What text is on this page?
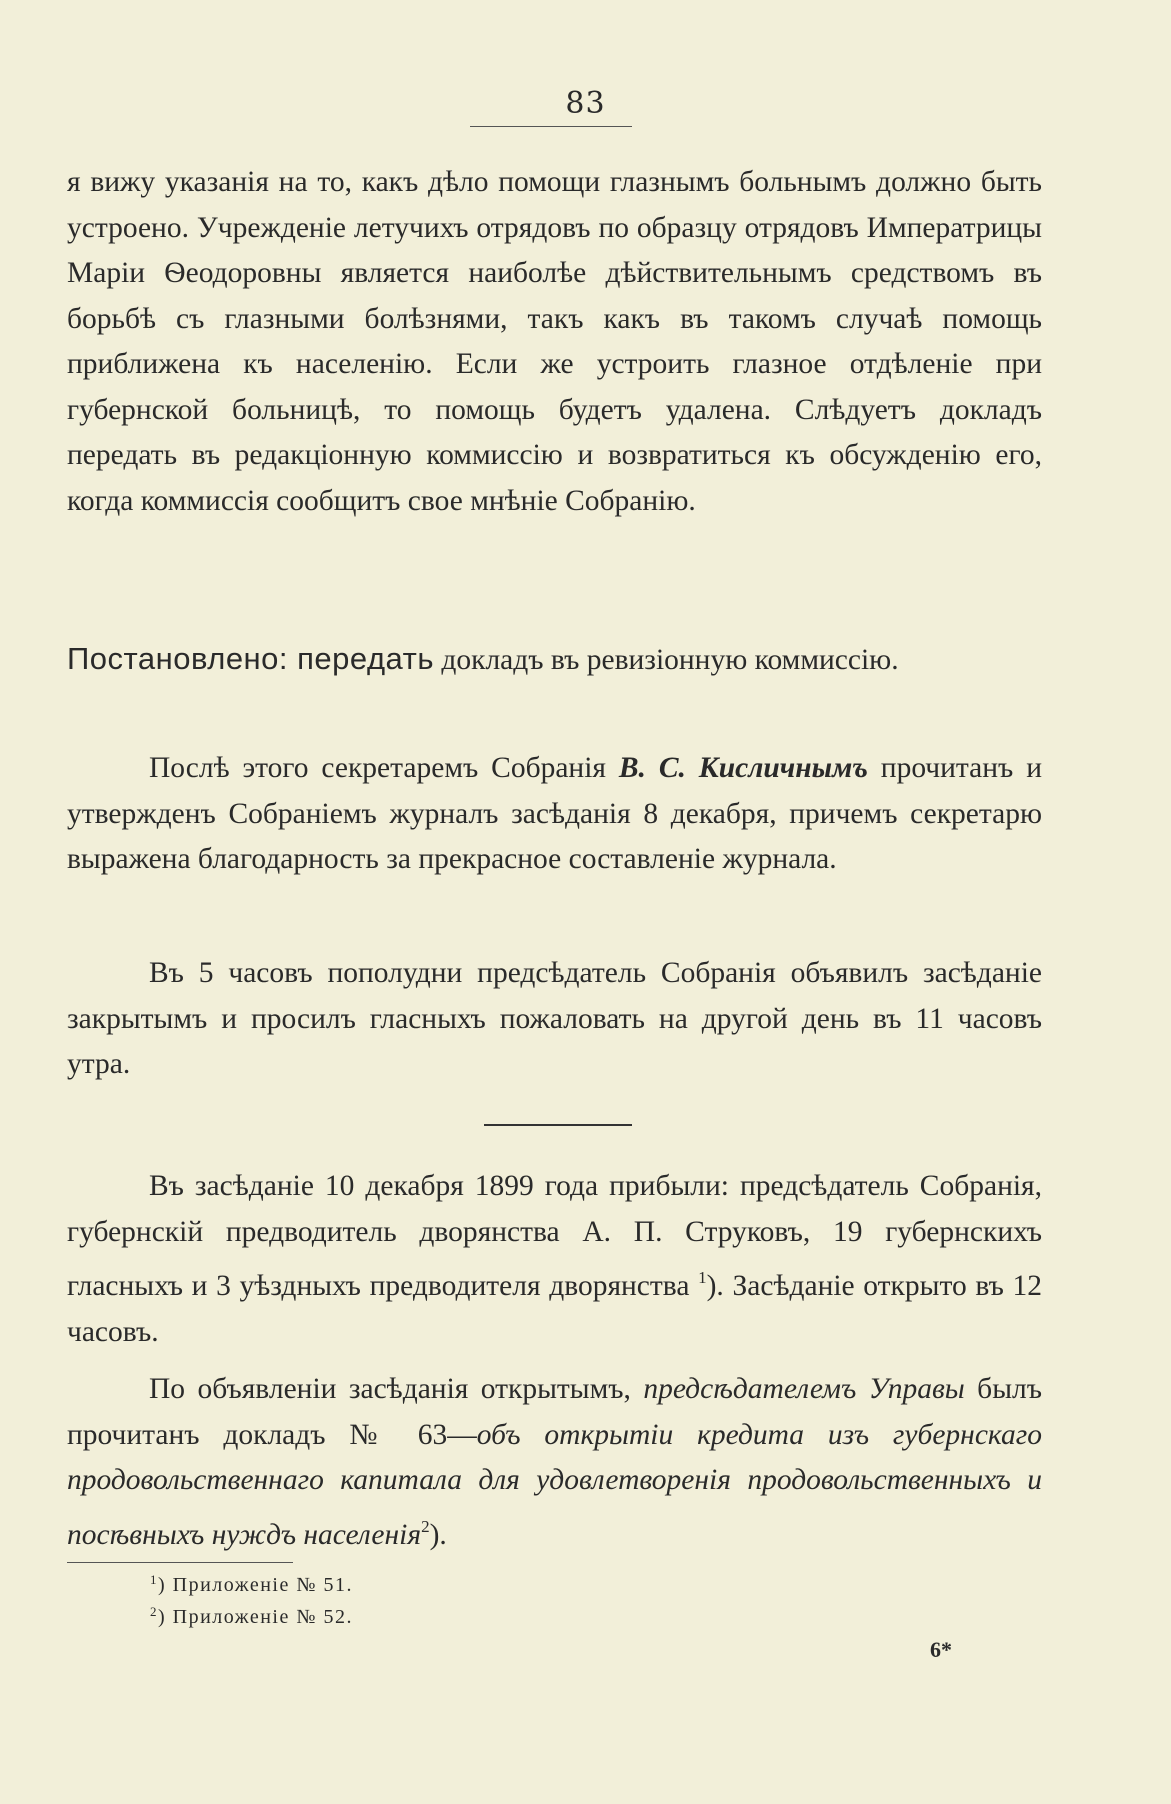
83
я вижу указанія на то, какъ дѣло помощи глазнымъ больнымъ должно быть устроено. Учрежденіе летучихъ отрядовъ по образцу отрядовъ Императрицы Маріи Ѳеодоровны является наиболѣе дѣйствительнымъ средствомъ въ борьбѣ съ глазными болѣзнями, такъ какъ въ такомъ случаѣ помощь приближена къ населенію. Если же устроить глазное отдѣленіе при губернской больницѣ, то помощь будетъ удалена. Слѣдуетъ докладъ передать въ редакціонную коммиссію и возвратиться къ обсужденію его, когда коммиссія сообщитъ свое мнѣніе Собранію.
Постановлено: передать докладъ въ ревизіонную коммиссію.
Послѣ этого секретаремъ Собранія В. С. Кисличнымъ прочитанъ и утвержденъ Собраніемъ журналъ засѣданія 8 декабря, причемъ секретарю выражена благодарность за прекрасное составленіе журнала.
Въ 5 часовъ пополудни предсѣдатель Собранія объявилъ засѣданіе закрытымъ и просилъ гласныхъ пожаловать на другой день въ 11 часовъ утра.
Въ засѣданіе 10 декабря 1899 года прибыли: предсѣдатель Собранія, губернскій предводитель дворянства А. П. Струковъ, 19 губернскихъ гласныхъ и 3 уѣздныхъ предводителя дворянства $^1$). Засѣданіе открыто въ 12 часовъ.
По объявленіи засѣданія открытымъ, предсѣдателемъ Управы былъ прочитанъ докладъ № 63—объ открытіи кредита изъ губернскаго продовольственнаго капитала для удовлетворенія продовольственныхъ и посѣвныхъ нуждъ населенія$^2$).
$^1$) Приложеніе № 51.
$^2$) Приложеніе № 52.
6*
